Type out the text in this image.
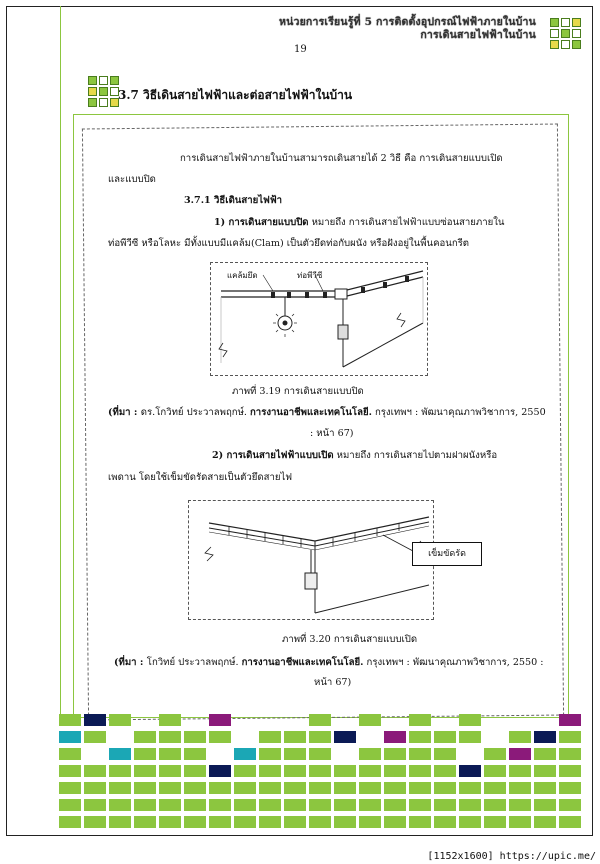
หน่วยการเรียนรู้ที่ 5 การติดตั้งอุปกรณ์ไฟฟ้าภายในบ้าน
การเดินสายไฟฟ้าในบ้าน
19
3.7 วิธีเดินสายไฟฟ้าและต่อสายไฟฟ้าในบ้าน
การเดินสายไฟฟ้าภายในบ้านสามารถเดินสายได้ 2 วิธี คือ การเดินสายแบบเปิด
และแบบปิด
3.7.1 วิธีเดินสายไฟฟ้า
1) การเดินสายแบบปิด หมายถึง การเดินสายไฟฟ้าแบบซ่อนสายภายใน
ท่อพีวีซี หรือโลหะ มีทั้งแบบมีแคล้ม(Clam) เป็นตัวยึดท่อกับผนัง หรือฝังอยู่ในพื้นคอนกรีต
แคล้มยึด	ท่อพีวีซี
ภาพที่ 3.19 การเดินสายแบบปิด
(ที่มา : ดร.โกวิทย์ ประวาลพฤกษ์. การงานอาชีพและเทคโนโลยี. กรุงเทพฯ : พัฒนาคุณภาพวิชาการ, 2550
: หน้า 67)
2) การเดินสายไฟฟ้าแบบเปิด หมายถึง การเดินสายไปตามฝาผนังหรือ
เพดาน โดยใช้เข็มขัดรัดสายเป็นตัวยึดสายไฟ
เข็มขัดรัด
ภาพที่ 3.20 การเดินสายแบบเปิด
(ที่มา : โกวิทย์ ประวาลพฤกษ์. การงานอาชีพและเทคโนโลยี. กรุงเทพฯ : พัฒนาคุณภาพวิชาการ, 2550 :
หน้า 67)
[1152x1600] https://upic.me/
